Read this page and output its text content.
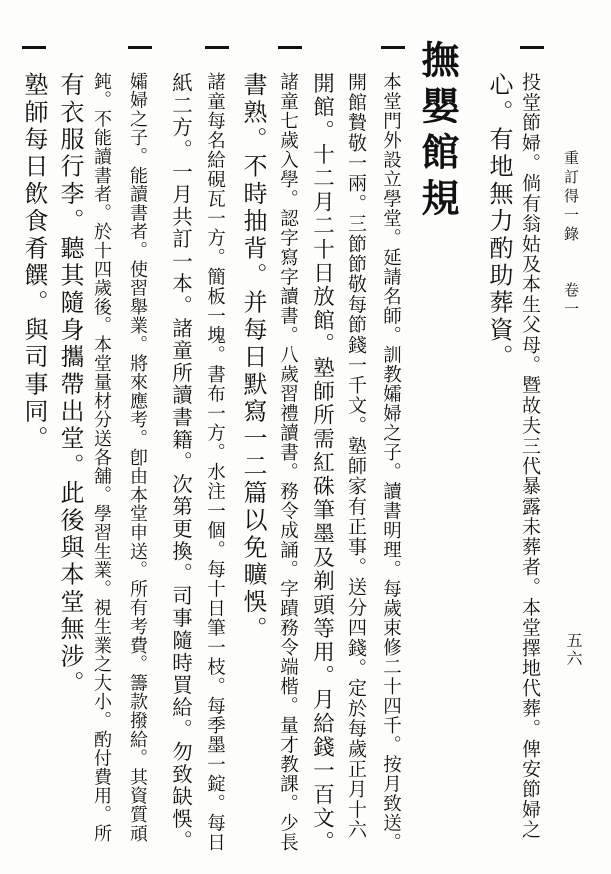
重訂得一錄
卷一
五六
投堂節婦。倘有翁姑及本生父母。暨故夫三代暴露未葬者。本堂擇地代葬。俾安節婦之
心。有地無力酌助葬資。
撫嬰館規
本堂門外設立學堂。延請名師。訓教孀婦之子。讀書明理。每歲束修二十四千。按月致送。
開館贄敬一兩。三節節敬每節錢一千文。塾師家有正事。送分四錢。定於每歲正月十六
開館。十二月二十日放館。塾師所需紅硃筆墨及剃頭等用。月給錢一百文。
諸童七歲入學。認字寫字讀書。八歲習禮讀書。務令成誦。字蹟務令端楷。量才教課。少長
書熟。不時抽背。并每日默寫一二篇以免曠悞。
諸童每名給硯瓦一方。簡板一塊。書布一方。水注一個。每十日筆一枝。每季墨一錠。每日
紙二方。一月共訂一本。諸童所讀書籍。次第更換。司事隨時買給。勿致缺悞。
孀婦之子。能讀書者。使習舉業。將來應考。卽由本堂申送。所有考費。籌款撥給。其資質頑
鈍。不能讀書者。於十四歲後。本堂量材分送各舖。學習生業。視生業之大小。酌付費用。所
有衣服行李。聽其隨身攜帶出堂。此後與本堂無涉。
塾師每日飲食肴饌。與司事同。
